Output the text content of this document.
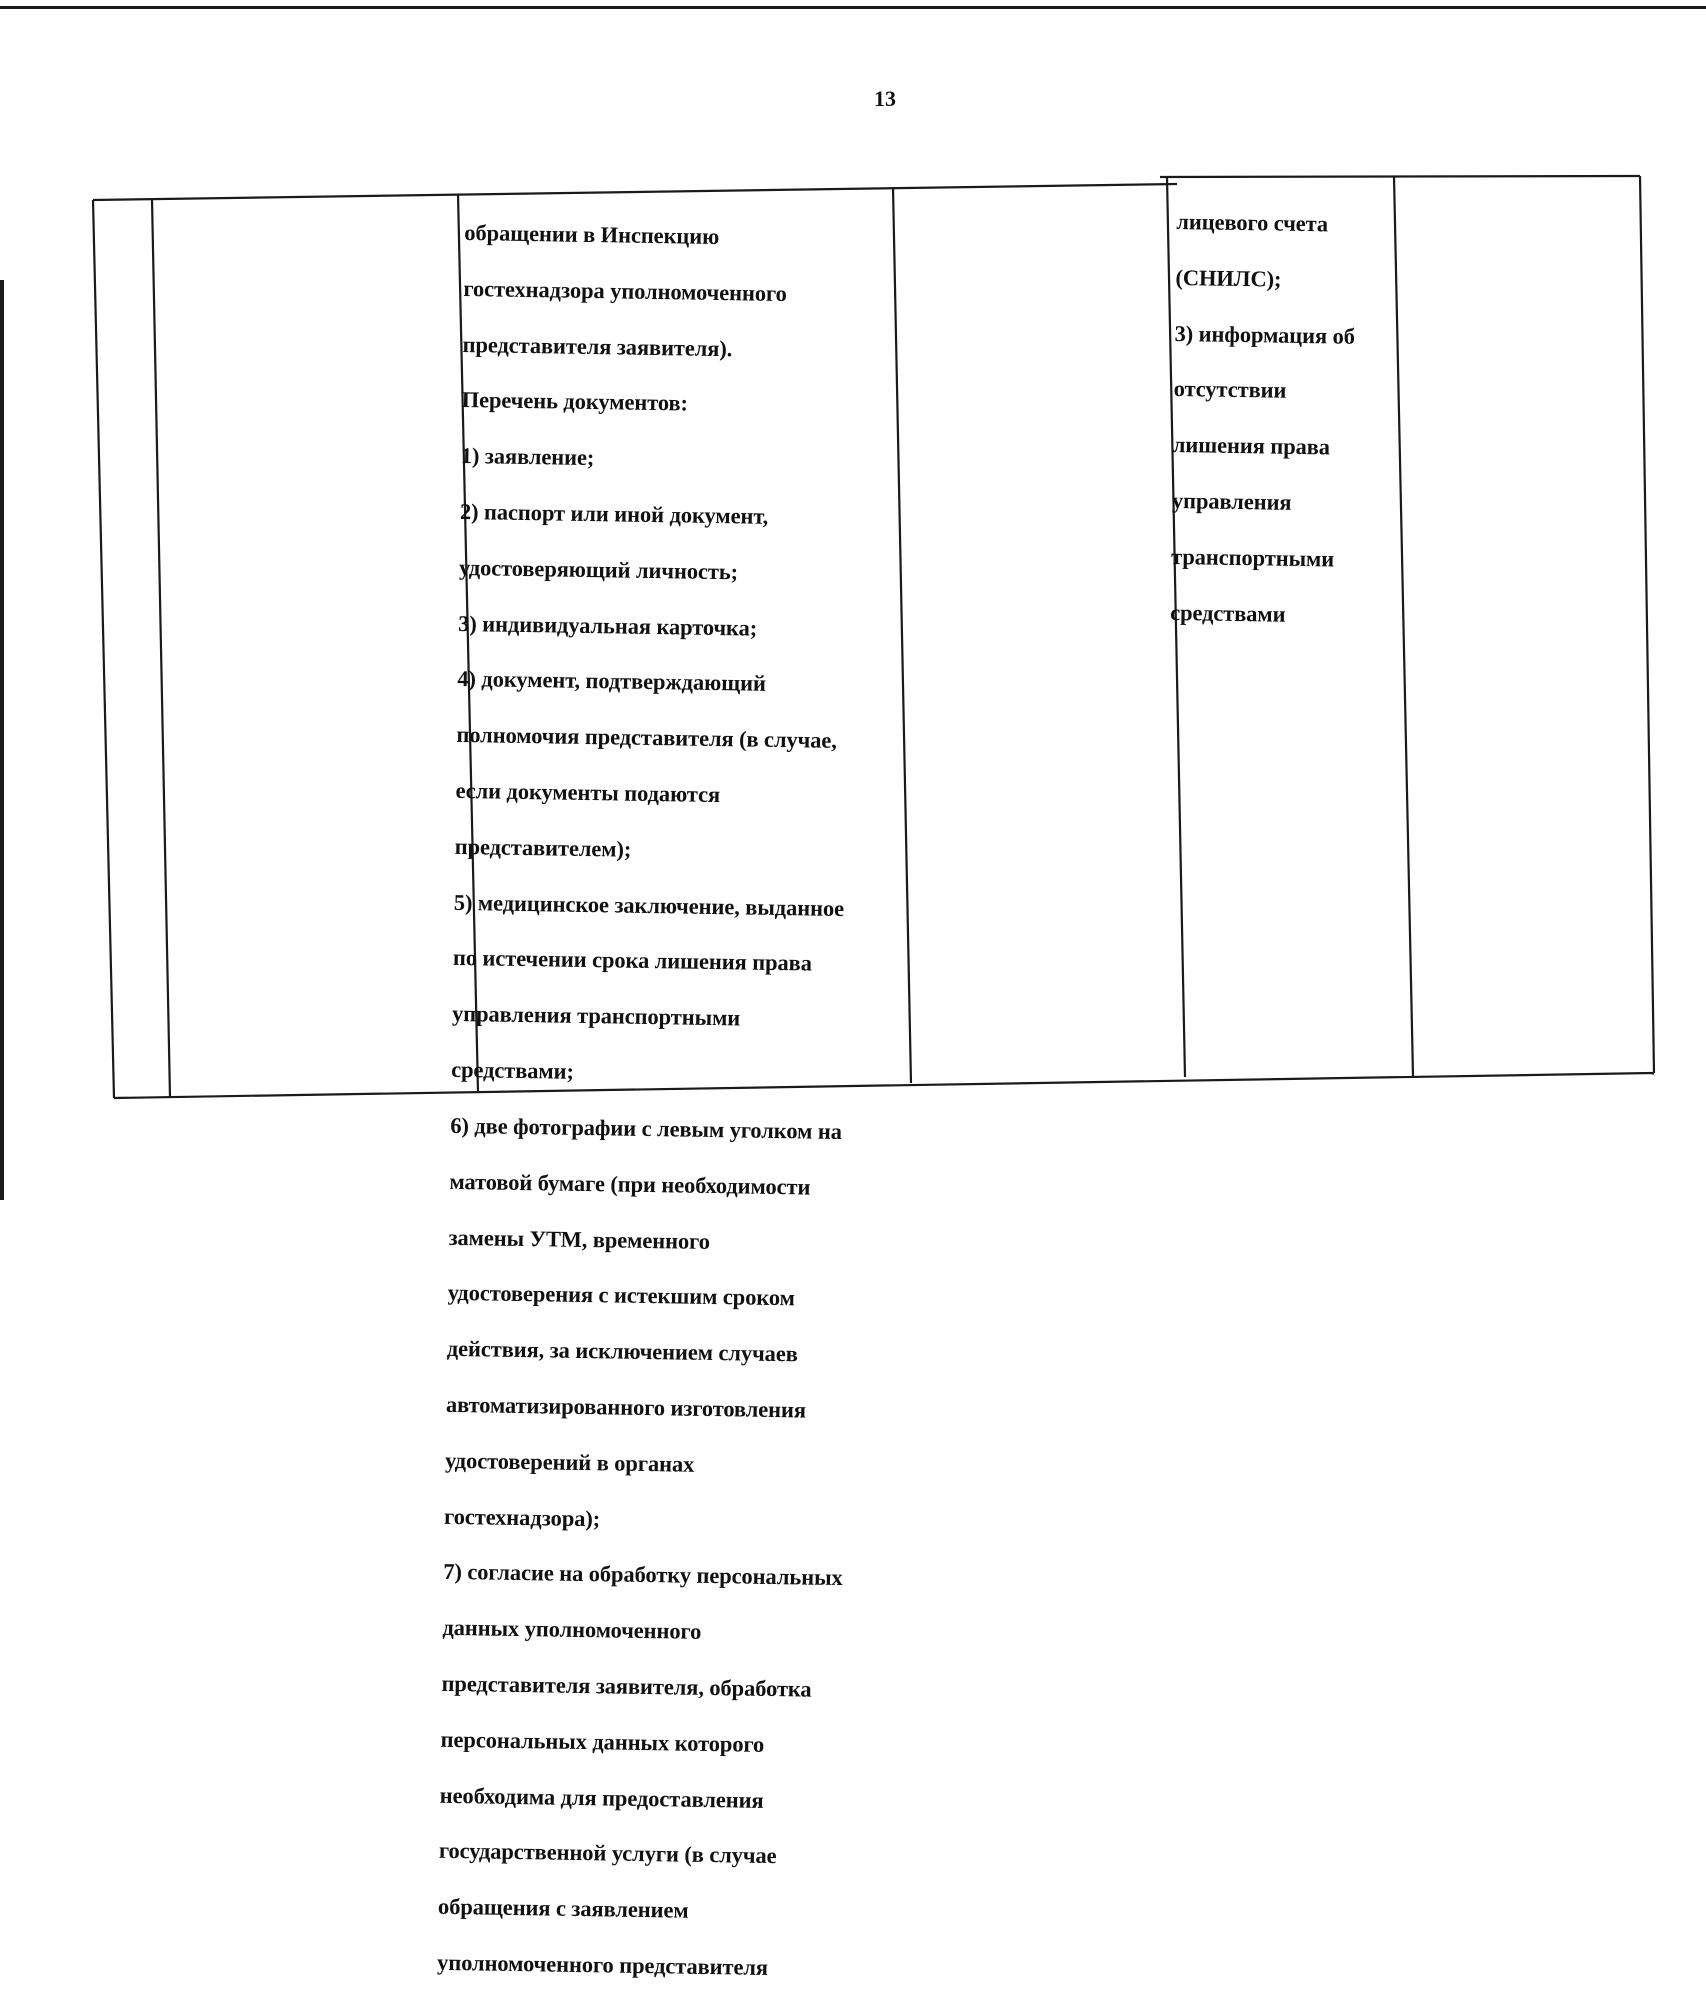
13

обращении в Инспекцию

гостехнадзора уполномоченного

представителя заявителя).

Перечень документов:

1) заявление;

2) паспорт или иной документ,

удостоверяющий личность;

3) индивидуальная карточка;

4) документ, подтверждающий

полномочия представителя (в случае,

если документы подаются

представителем);

5) медицинское заключение, выданное

по истечении срока лишения права

управления транспортными

средствами;

6) две фотографии с левым уголком на

матовой бумаге (при необходимости

замены УТМ, временного

удостоверения с истекшим сроком

действия, за исключением случаев

автоматизированного изготовления

удостоверений в органах

гостехнадзора);

7) согласие на обработку персональных

данных уполномоченного

представителя заявителя, обработка

персональных данных которого

необходима для предоставления

государственной услуги (в случае

обращения с заявлением

уполномоченного представителя

лицевого счета

(СНИЛС);

3) информация об

отсутствии

лишения права

управления

транспортными

средствами
